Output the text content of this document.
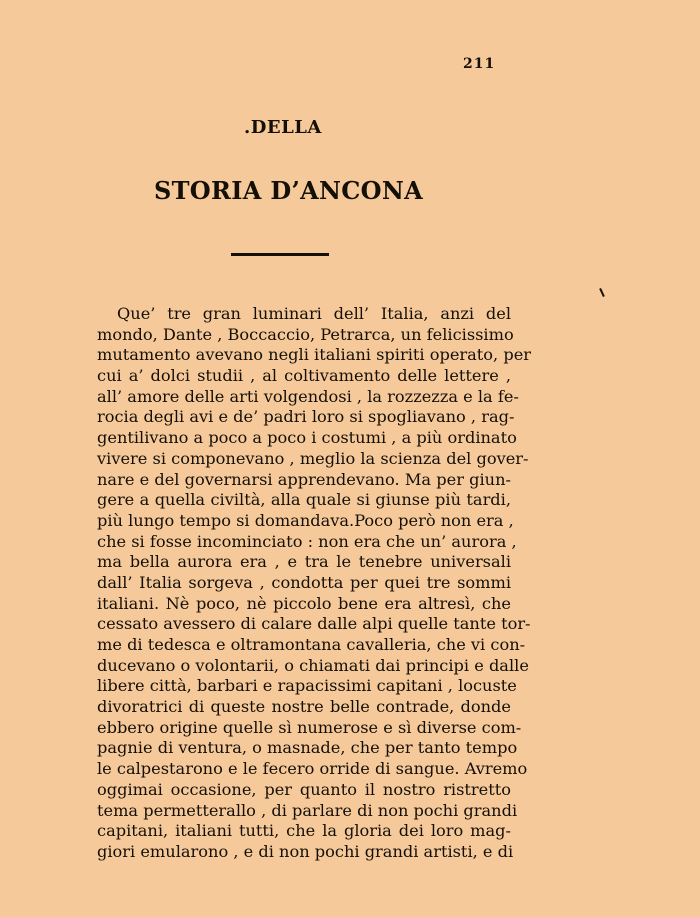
211
.DELLA
STORIA D’ANCONA
Que’ tre gran luminari dell’ Italia, anzi del
mondo, Dante , Boccaccio, Petrarca, un felicissimo
mutamento avevano negli italiani spiriti operato, per
cui a’ dolci studii , al coltivamento delle lettere ,
all’ amore delle arti volgendosi , la rozzezza e la fe-
rocia degli avi e de’ padri loro si spogliavano , rag-
gentilivano a poco a poco i costumi , a più ordinato
vivere si componevano , meglio la scienza del gover-
nare e del governarsi apprendevano. Ma per giun-
gere a quella civiltà, alla quale si giunse più tardi,
più lungo tempo si domandava.Poco però non era ,
che si fosse incominciato : non era che un’ aurora ,
ma bella aurora era , e tra le tenebre universali
dall’ Italia sorgeva , condotta per quei tre sommi
italiani. Nè poco, nè piccolo bene era altresì, che
cessato avessero di calare dalle alpi quelle tante tor-
me di tedesca e oltramontana cavalleria, che vi con-
ducevano o volontarii, o chiamati dai principi e dalle
libere città, barbari e rapacissimi capitani , locuste
divoratrici di queste nostre belle contrade, donde
ebbero origine quelle sì numerose e sì diverse com-
pagnie di ventura, o masnade, che per tanto tempo
le calpestarono e le fecero orride di sangue. Avremo
oggimai occasione, per quanto il nostro ristretto
tema permetterallo , di parlare di non pochi grandi
capitani, italiani tutti, che la gloria dei loro mag-
giori emularono , e di non pochi grandi artisti, e di
